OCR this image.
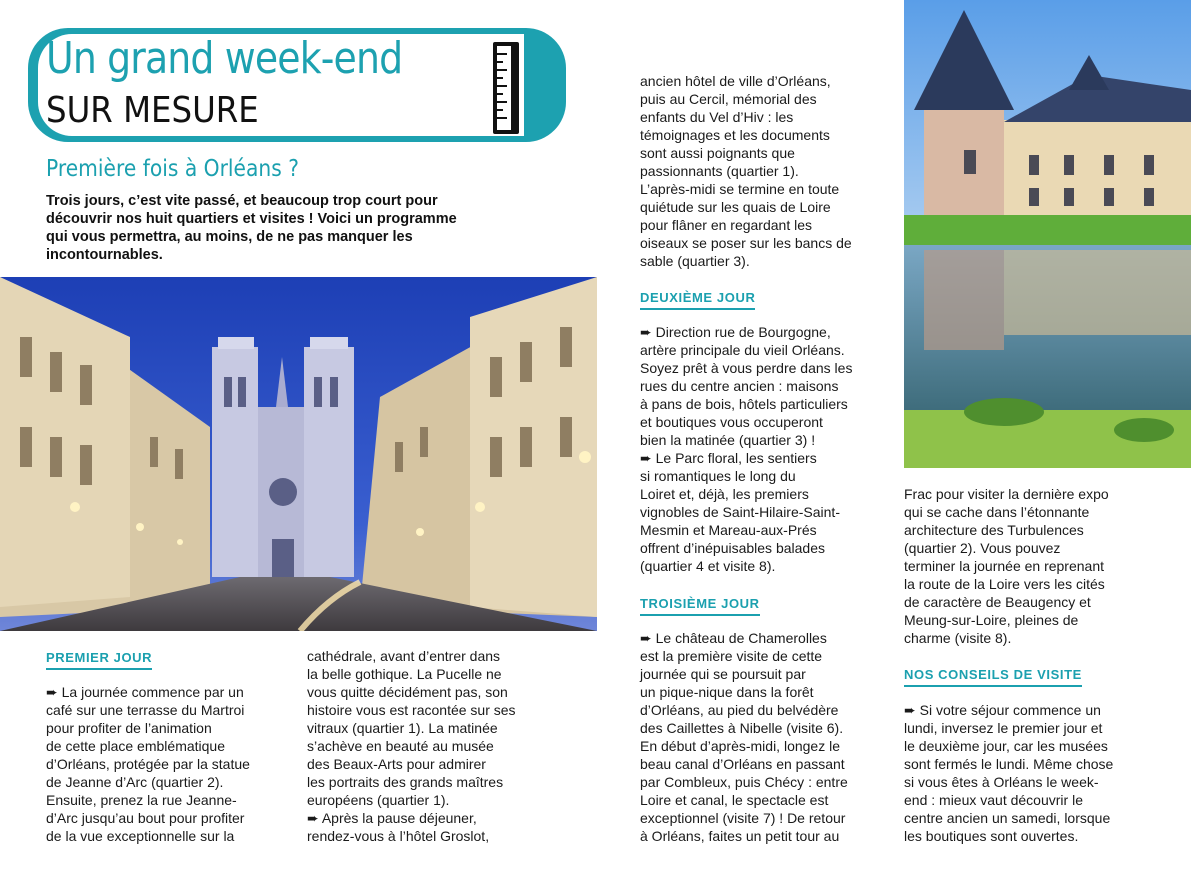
Un grand week-end
SUR MESURE
Première fois à Orléans ?

Trois jours, c’est vite passé, et beaucoup trop court pour

découvrir nos huit quartiers et visites ! Voici un programme

qui vous permettra, au moins, de ne pas manquer les

incontournables.

PREMIER JOUR

➨ La journée commence par un

café sur une terrasse du Martroi

pour profiter de l’animation

de cette place emblématique

d’Orléans, protégée par la statue

de Jeanne d’Arc (quartier 2).

Ensuite, prenez la rue Jeanne-

d’Arc jusqu’au bout pour profiter

de la vue exceptionnelle sur la

cathédrale, avant d’entrer dans

la belle gothique. La Pucelle ne

vous quitte décidément pas, son

histoire vous est racontée sur ses

vitraux (quartier 1). La matinée

s’achève en beauté au musée

des Beaux-Arts pour admirer

les portraits des grands maîtres

européens (quartier 1).

➨ Après la pause déjeuner,

rendez-vous à l’hôtel Groslot,

ancien hôtel de ville d’Orléans,

puis au Cercil, mémorial des

enfants du Vel d’Hiv : les

témoignages et les documents

sont aussi poignants que

passionnants (quartier 1).

L’après-midi se termine en toute

quiétude sur les quais de Loire

pour flâner en regardant les

oiseaux se poser sur les bancs de

sable (quartier 3).

DEUXIÈME JOUR

➨ Direction rue de Bourgogne,

artère principale du vieil Orléans.

Soyez prêt à vous perdre dans les

rues du centre ancien : maisons

à pans de bois, hôtels particuliers

et boutiques vous occuperont

bien la matinée (quartier 3) !

➨ Le Parc floral, les sentiers

si romantiques le long du

Loiret et, déjà, les premiers

vignobles de Saint-Hilaire-Saint-

Mesmin et Mareau-aux-Prés

offrent d’inépuisables balades

(quartier 4 et visite 8).

TROISIÈME JOUR

➨ Le château de Chamerolles

est la première visite de cette

journée qui se poursuit par

un pique-nique dans la forêt

d’Orléans, au pied du belvédère

des Caillettes à Nibelle (visite 6).

En début d’après-midi, longez le

beau canal d’Orléans en passant

par Combleux, puis Chécy : entre

Loire et canal, le spectacle est

exceptionnel (visite 7) ! De retour

à Orléans, faites un petit tour au

Frac pour visiter la dernière expo

qui se cache dans l’étonnante

architecture des Turbulences

(quartier 2). Vous pouvez

terminer la journée en reprenant

la route de la Loire vers les cités

de caractère de Beaugency et

Meung-sur-Loire, pleines de

charme (visite 8).

NOS CONSEILS DE VISITE

➨ Si votre séjour commence un

lundi, inversez le premier jour et

le deuxième jour, car les musées

sont fermés le lundi. Même chose

si vous êtes à Orléans le week-

end : mieux vaut découvrir le

centre ancien un samedi, lorsque

les boutiques sont ouvertes.
